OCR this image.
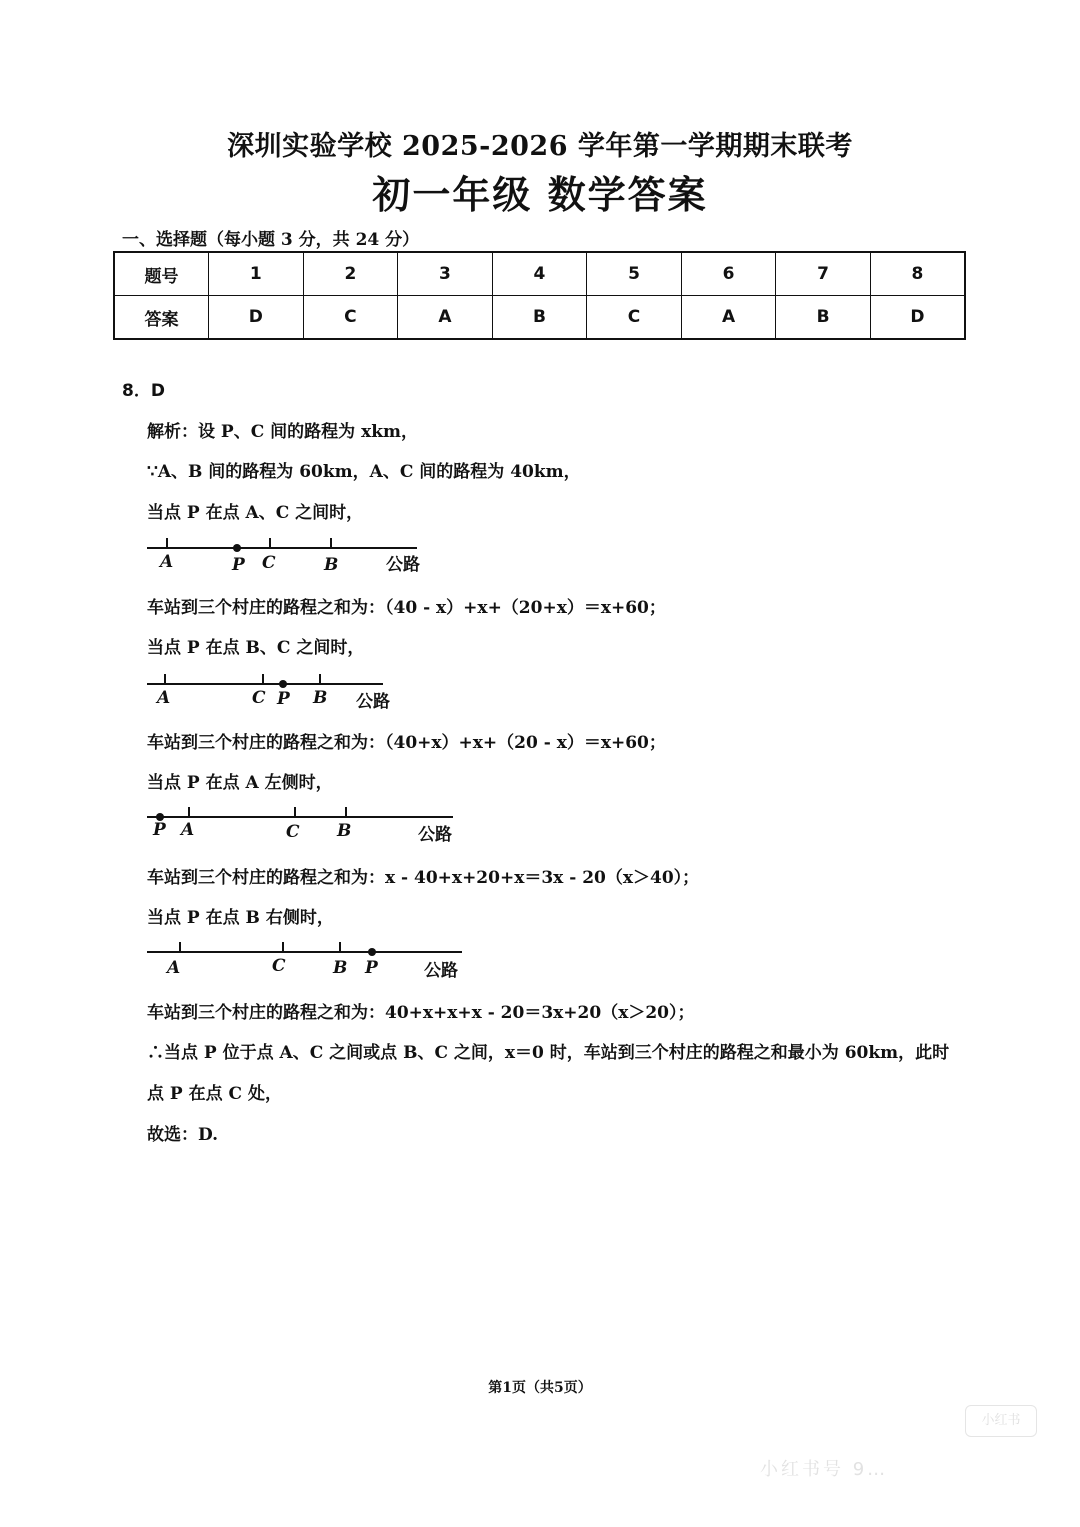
深圳实验学校 2025-2026 学年第一学期期末联考
初一年级 数学答案
一、选择题（每小题 3 分，共 24 分）
题号	1	2	3	4	5	6	7	8
答案	D	C	A	B	C	A	B	D
8．D
解析：设 P、C 间的路程为 xkm，
∵A、B 间的路程为 60km，A、C 间的路程为 40km，
当点 P 在点 A、C 之间时，
A	P C	B	公路
车站到三个村庄的路程之和为：（40 - x）+x+（20+x）＝x+60；
当点 P 在点 B、C 之间时，
A	C P B 公路
车站到三个村庄的路程之和为：（40+x）+x+（20 - x）＝x+60；
当点 P 在点 A 左侧时，
P A	C B	公路
车站到三个村庄的路程之和为：x - 40+x+20+x＝3x - 20（x＞40）；
当点 P 在点 B 右侧时，
A	C	B P	公路
车站到三个村庄的路程之和为：40+x+x+x - 20＝3x+20（x＞20）；
∴当点 P 位于点 A、C 之间或点 B、C 之间，x＝0 时，车站到三个村庄的路程之和最小为 60km，此时
点 P 在点 C 处，
故选：D.
第1页（共5页）
小红书
小红书号 9…
